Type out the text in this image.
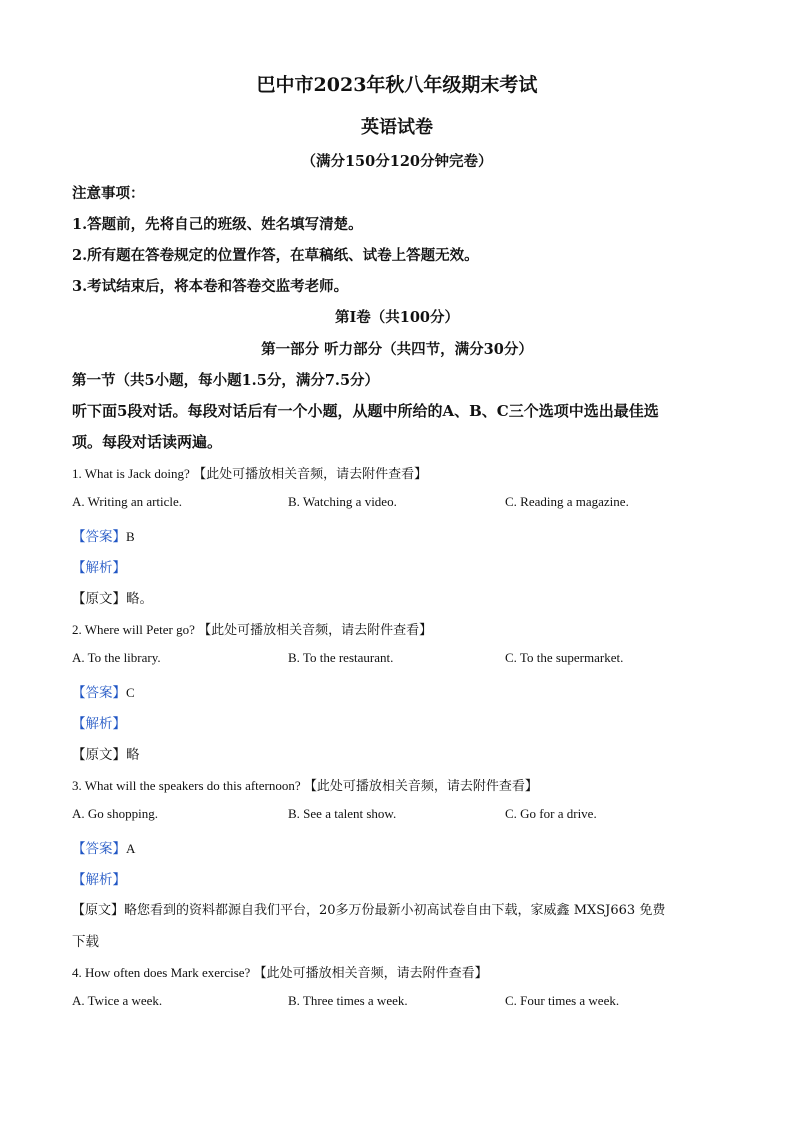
巴中市2023年秋八年级期末考试
英语试卷
（满分150分120分钟完卷）
注意事项：
1.答题前，先将自己的班级、姓名填写清楚。
2.所有题在答卷规定的位置作答，在草稿纸、试卷上答题无效。
3.考试结束后，将本卷和答卷交监考老师。
第Ⅰ卷（共100分）
第一部分 听力部分（共四节，满分30分）
第一节（共5小题，每小题1.5分，满分7.5分）
听下面5段对话。每段对话后有一个小题，从题中所给的A、B、C三个选项中选出最佳选
项。每段对话读两遍。
1. What is Jack doing? 【此处可播放相关音频，请去附件查看】
A. Writing an article.	B. Watching a video.	C. Reading a magazine.
【答案】B
【解析】
【原文】略。
2. Where will Peter go? 【此处可播放相关音频，请去附件查看】
A. To the library.	B. To the restaurant.	C. To the supermarket.
【答案】C
【解析】
【原文】略
3. What will the speakers do this afternoon? 【此处可播放相关音频，请去附件查看】
A. Go shopping.	B. See a talent show.	C. Go for a drive.
【答案】A
【解析】
【原文】略您看到的资料都源自我们平台，20多万份最新小初高试卷自由下载，家威鑫 MXSJ663 免费
下载
4. How often does Mark exercise? 【此处可播放相关音频，请去附件查看】
A. Twice a week.	B. Three times a week.	C. Four times a week.
